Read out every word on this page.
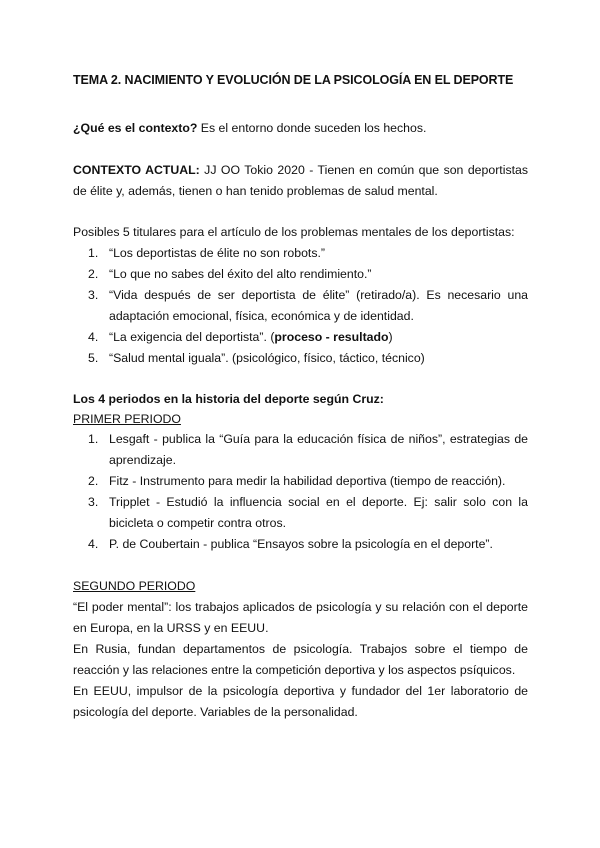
TEMA 2. NACIMIENTO Y EVOLUCIÓN DE LA PSICOLOGÍA EN EL DEPORTE

¿Qué es el contexto? Es el entorno donde suceden los hechos.

CONTEXTO ACTUAL: JJ OO Tokio 2020 - Tienen en común que son deportistas de élite y, además, tienen o han tenido problemas de salud mental.

Posibles 5 titulares para el artículo de los problemas mentales de los deportistas:

1. “Los deportistas de élite no son robots.”
2. “Lo que no sabes del éxito del alto rendimiento.”
3. “Vida después de ser deportista de élite” (retirado/a). Es necesario una adaptación emocional, física, económica y de identidad.
4. “La exigencia del deportista”. (proceso - resultado)
5. “Salud mental iguala”. (psicológico, físico, táctico, técnico)

Los 4 periodos en la historia del deporte según Cruz:

PRIMER PERIODO

1. Lesgaft - publica la “Guía para la educación física de niños”, estrategias de aprendizaje.
2. Fitz - Instrumento para medir la habilidad deportiva (tiempo de reacción).
3. Tripplet - Estudió la influencia social en el deporte. Ej: salir solo con la bicicleta o competir contra otros.
4. P. de Coubertain - publica “Ensayos sobre la psicología en el deporte”.

SEGUNDO PERIODO

“El poder mental”: los trabajos aplicados de psicología y su relación con el deporte en Europa, en la URSS y en EEUU.

En Rusia, fundan departamentos de psicología. Trabajos sobre el tiempo de reacción y las relaciones entre la competición deportiva y los aspectos psíquicos.

En EEUU, impulsor de la psicología deportiva y fundador del 1er laboratorio de psicología del deporte. Variables de la personalidad.
